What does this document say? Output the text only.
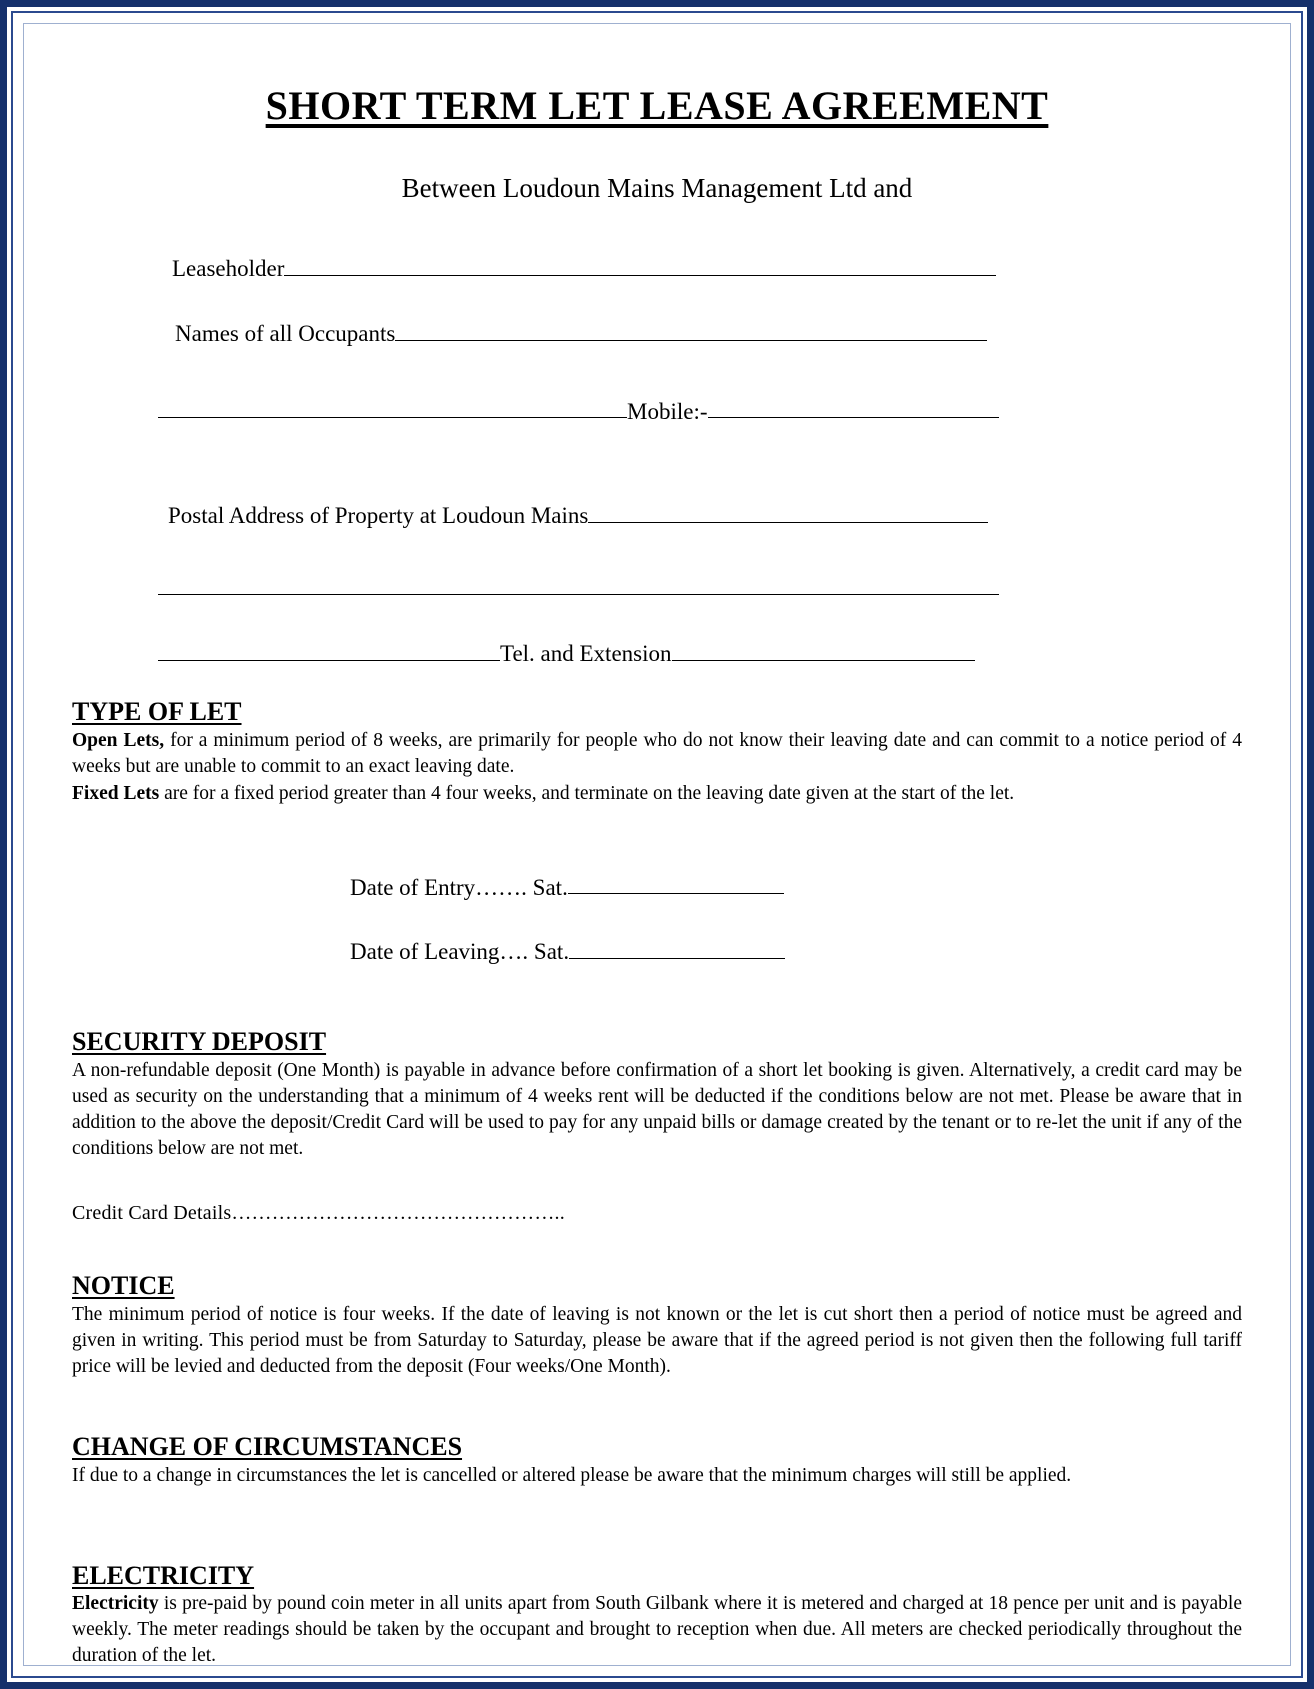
SHORT TERM LET LEASE AGREEMENT
Between Loudoun Mains Management Ltd and
Leaseholder
Names of all Occupants
Mobile:-
Postal Address of Property at Loudoun Mains
Tel. and Extension
TYPE OF LET

Open Lets, for a minimum period of 8 weeks, are primarily for people who do not know their leaving date and can commit to a notice period of 4 weeks but are unable to commit to an exact leaving date.

Fixed Lets are for a fixed period greater than 4 four weeks, and terminate on the leaving date given at the start of the let.

Date of Entry……. Sat.
Date of Leaving…. Sat.
SECURITY DEPOSIT

A non-refundable deposit (One Month) is payable in advance before confirmation of a short let booking is given. Alternatively, a credit card may be used as security on the understanding that a minimum of 4 weeks rent will be deducted if the conditions below are not met. Please be aware that in addition to the above the deposit/Credit Card will be used to pay for any unpaid bills or damage created by the tenant or to re-let the unit if any of the conditions below are not met.

Credit Card Details…………………………………………..
NOTICE

The minimum period of notice is four weeks. If the date of leaving is not known or the let is cut short then a period of notice must be agreed and given in writing. This period must be from Saturday to Saturday, please be aware that if the agreed period is not given then the following full tariff price will be levied and deducted from the deposit (Four weeks/One Month).

CHANGE OF CIRCUMSTANCES

If due to a change in circumstances the let is cancelled or altered please be aware that the minimum charges will still be applied.

ELECTRICITY

Electricity is pre-paid by pound coin meter in all units apart from South Gilbank where it is metered and charged at 18 pence per unit and is payable weekly. The meter readings should be taken by the occupant and brought to reception when due. All meters are checked periodically throughout the duration of the let.
